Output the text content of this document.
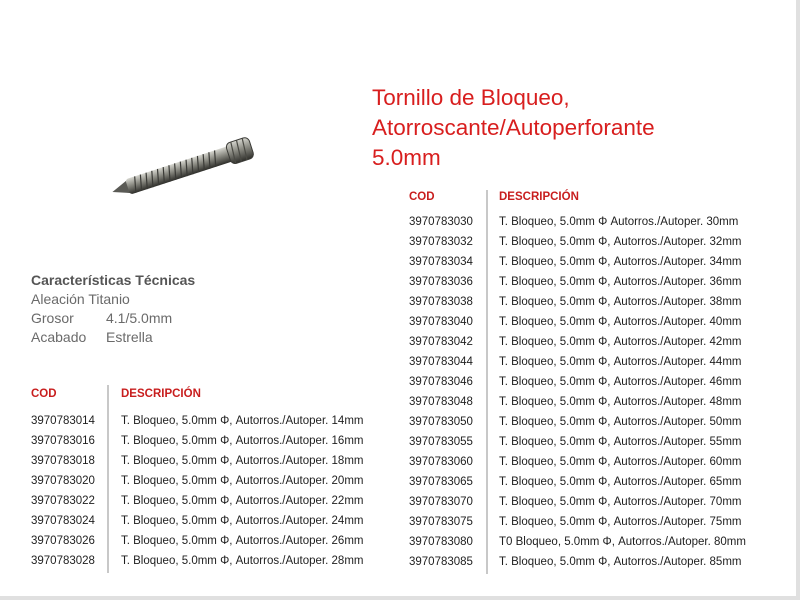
Tornillo de Bloqueo,
Atorroscante/Autoperforante
5.0mm
Características Técnicas
Aleación Titanio
Grosor	4.1/5.0mm
Acabado	Estrella
COD	DESCRIPCIÓN
3970783014 T. Bloqueo, 5.0mm Φ, Autorros./Autoper. 14mm
3970783016 T. Bloqueo, 5.0mm Φ, Autorros./Autoper. 16mm
3970783018 T. Bloqueo, 5.0mm Φ, Autorros./Autoper. 18mm
3970783020 T. Bloqueo, 5.0mm Φ, Autorros./Autoper. 20mm
3970783022 T. Bloqueo, 5.0mm Φ, Autorros./Autoper. 22mm
3970783024 T. Bloqueo, 5.0mm Φ, Autorros./Autoper. 24mm
3970783026 T. Bloqueo, 5.0mm Φ, Autorros./Autoper. 26mm
3970783028 T. Bloqueo, 5.0mm Φ, Autorros./Autoper. 28mm
COD	DESCRIPCIÓN
3970783030 T. Bloqueo, 5.0mm Φ Autorros./Autoper. 30mm
3970783032 T. Bloqueo, 5.0mm Φ, Autorros./Autoper. 32mm
3970783034 T. Bloqueo, 5.0mm Φ, Autorros./Autoper. 34mm
3970783036 T. Bloqueo, 5.0mm Φ, Autorros./Autoper. 36mm
3970783038 T. Bloqueo, 5.0mm Φ, Autorros./Autoper. 38mm
3970783040 T. Bloqueo, 5.0mm Φ, Autorros./Autoper. 40mm
3970783042 T. Bloqueo, 5.0mm Φ, Autorros./Autoper. 42mm
3970783044 T. Bloqueo, 5.0mm Φ, Autorros./Autoper. 44mm
3970783046 T. Bloqueo, 5.0mm Φ, Autorros./Autoper. 46mm
3970783048 T. Bloqueo, 5.0mm Φ, Autorros./Autoper. 48mm
3970783050 T. Bloqueo, 5.0mm Φ, Autorros./Autoper. 50mm
3970783055 T. Bloqueo, 5.0mm Φ, Autorros./Autoper. 55mm
3970783060 T. Bloqueo, 5.0mm Φ, Autorros./Autoper. 60mm
3970783065 T. Bloqueo, 5.0mm Φ, Autorros./Autoper. 65mm
3970783070 T. Bloqueo, 5.0mm Φ, Autorros./Autoper. 70mm
3970783075 T. Bloqueo, 5.0mm Φ, Autorros./Autoper. 75mm
3970783080 T0 Bloqueo, 5.0mm Φ, Autorros./Autoper. 80mm
3970783085 T. Bloqueo, 5.0mm Φ, Autorros./Autoper. 85mm
